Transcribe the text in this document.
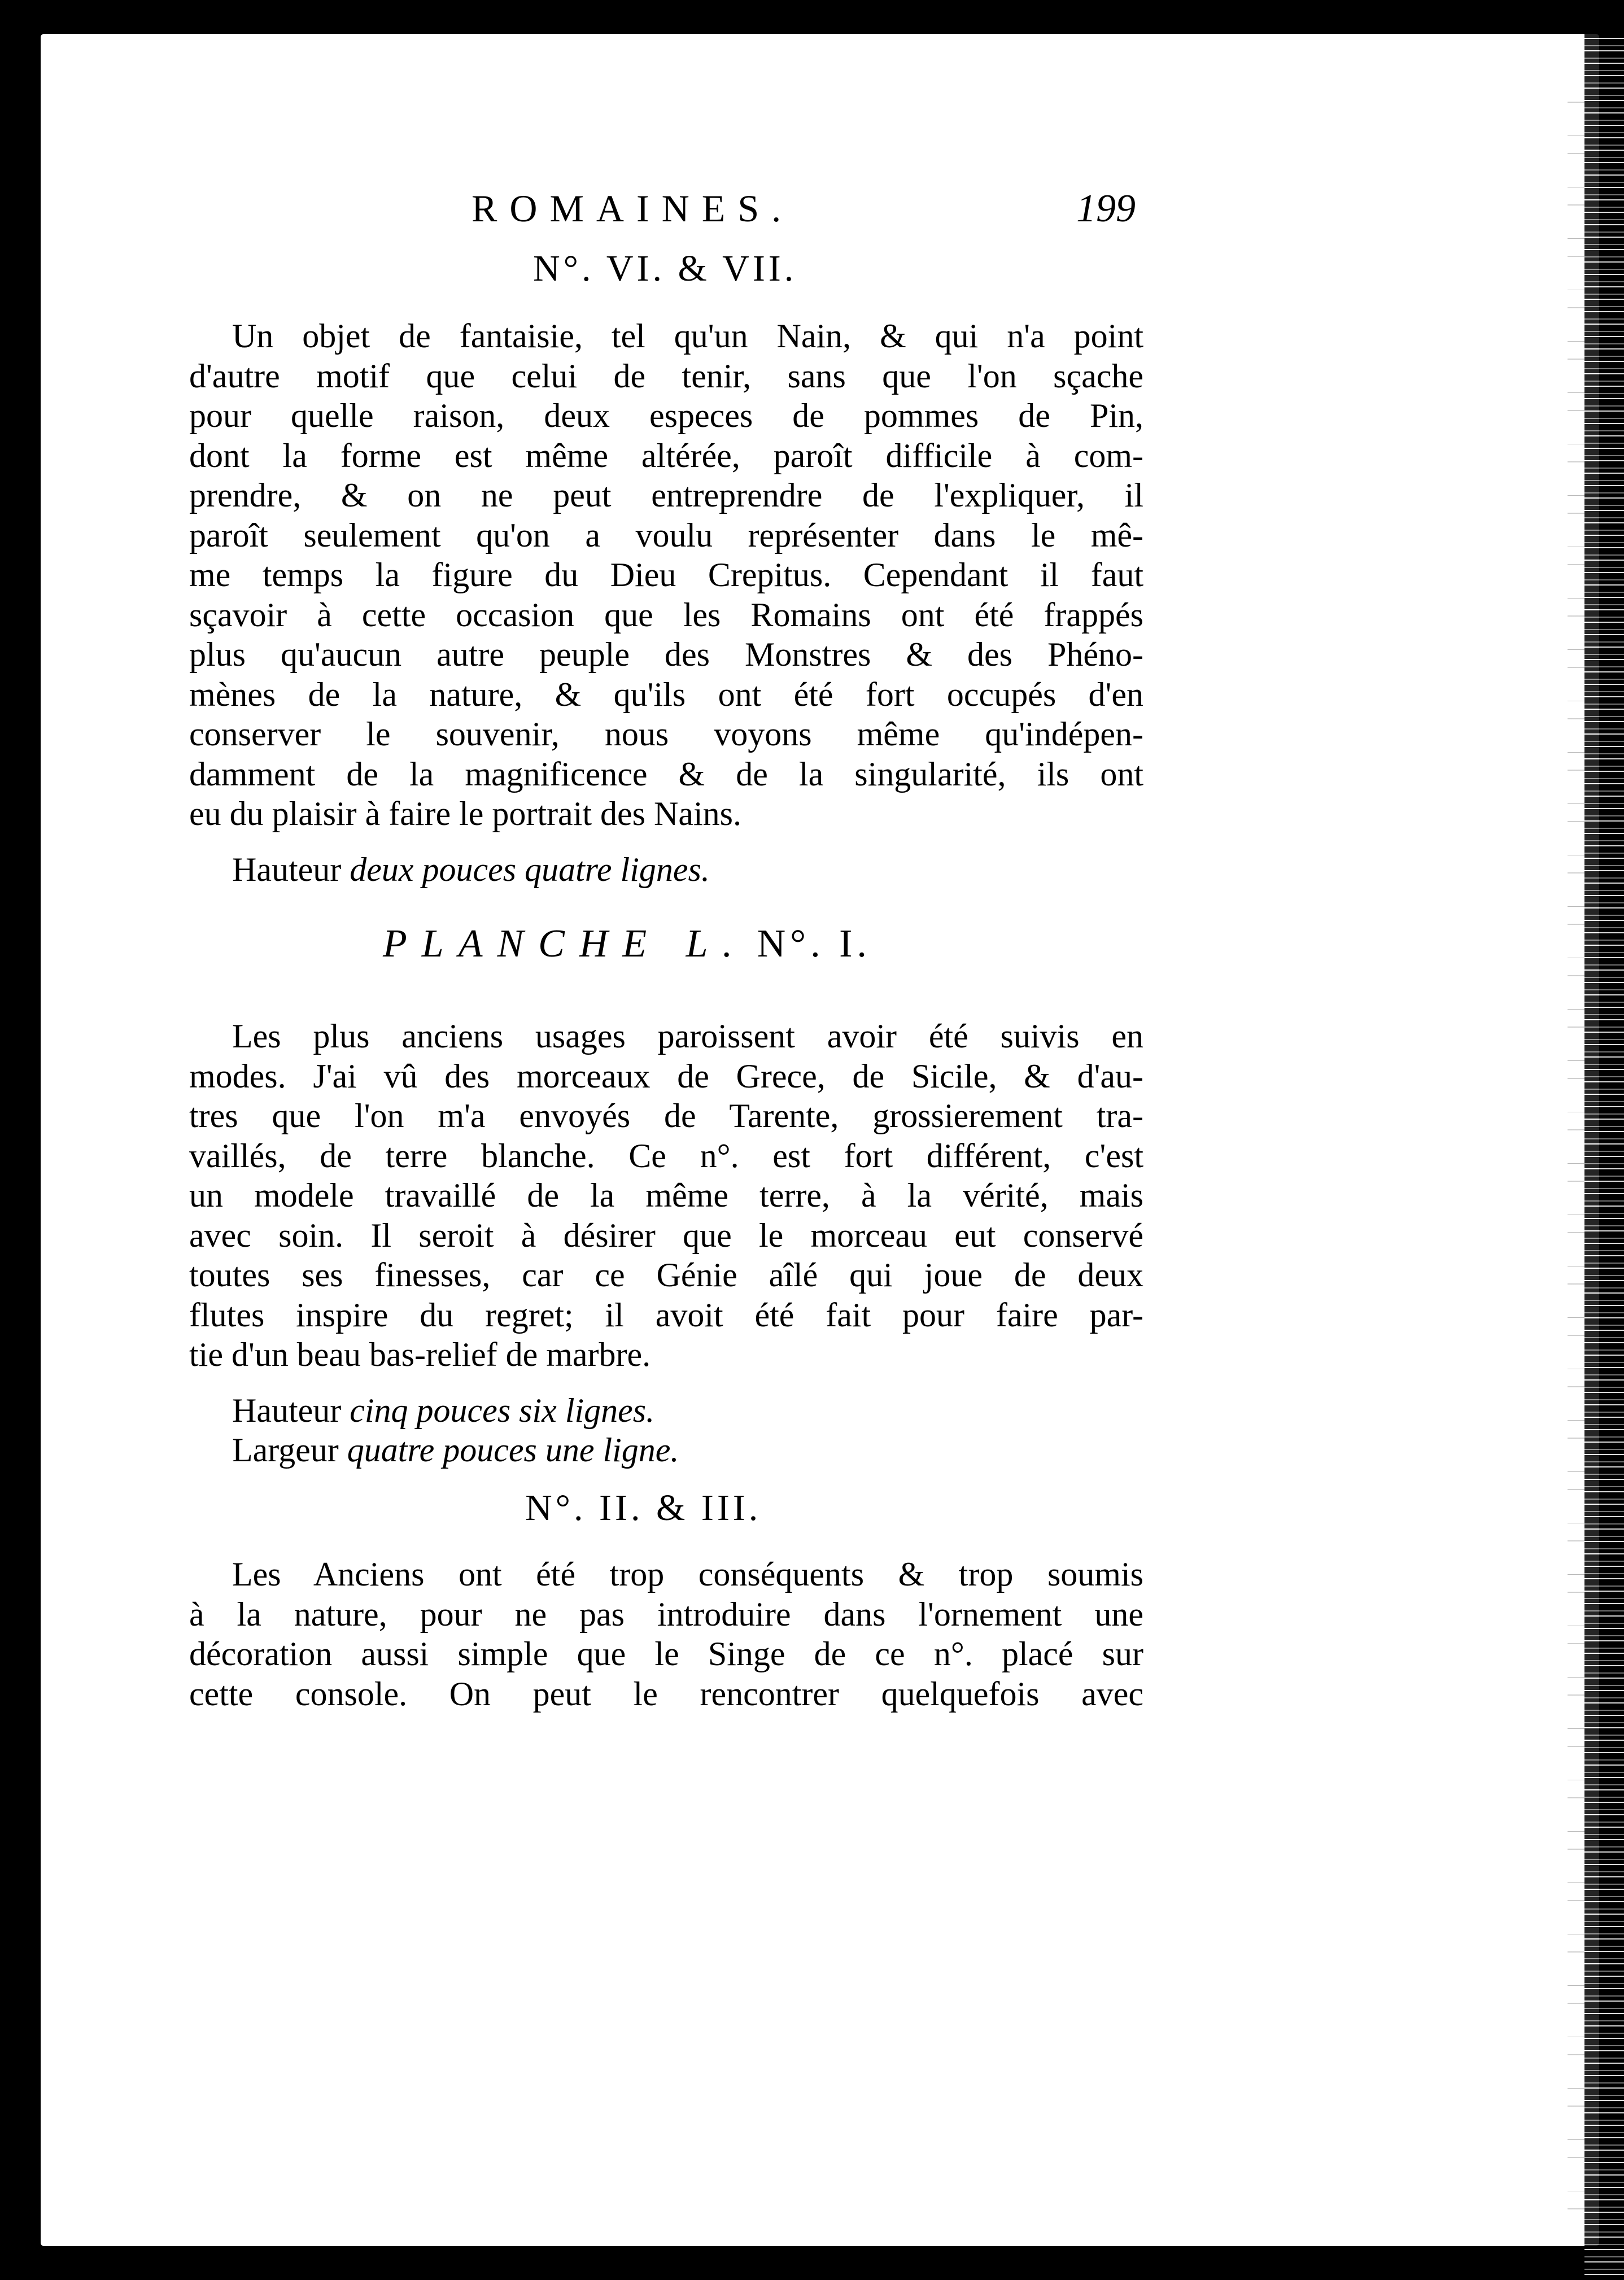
ROMAINES.	199
N°. VI. & VII.
Un objet de fantaisie, tel qu'un Nain, & qui n'a point
d'autre motif que celui de tenir, sans que l'on sçache
pour quelle raison, deux especes de pommes de Pin,
dont la forme est même altérée, paroît difficile à com-
prendre, & on ne peut entreprendre de l'expliquer, il
paroît seulement qu'on a voulu représenter dans le mê-
me temps la figure du Dieu Crepitus. Cependant il faut
sçavoir à cette occasion que les Romains ont été frappés
plus qu'aucun autre peuple des Monstres & des Phéno-
mènes de la nature, & qu'ils ont été fort occupés d'en
conserver le souvenir, nous voyons même qu'indépen-
damment de la magnificence & de la singularité, ils ont
eu du plaisir à faire le portrait des Nains.
Hauteur deux pouces quatre lignes.
PLANCHE L. N°. I.
Les plus anciens usages paroissent avoir été suivis en
modes. J'ai vû des morceaux de Grece, de Sicile, & d'au-
tres que l'on m'a envoyés de Tarente, grossierement tra-
vaillés, de terre blanche. Ce n°. est fort différent, c'est
un modele travaillé de la même terre, à la vérité, mais
avec soin. Il seroit à désirer que le morceau eut conservé
toutes ses finesses, car ce Génie aîlé qui joue de deux
flutes inspire du regret; il avoit été fait pour faire par-
tie d'un beau bas-relief de marbre.
Hauteur cinq pouces six lignes.
Largeur quatre pouces une ligne.
N°. II. & III.
Les Anciens ont été trop conséquents & trop soumis
à la nature, pour ne pas introduire dans l'ornement une
décoration aussi simple que le Singe de ce n°. placé sur
cette console. On peut le rencontrer quelquefois avec
